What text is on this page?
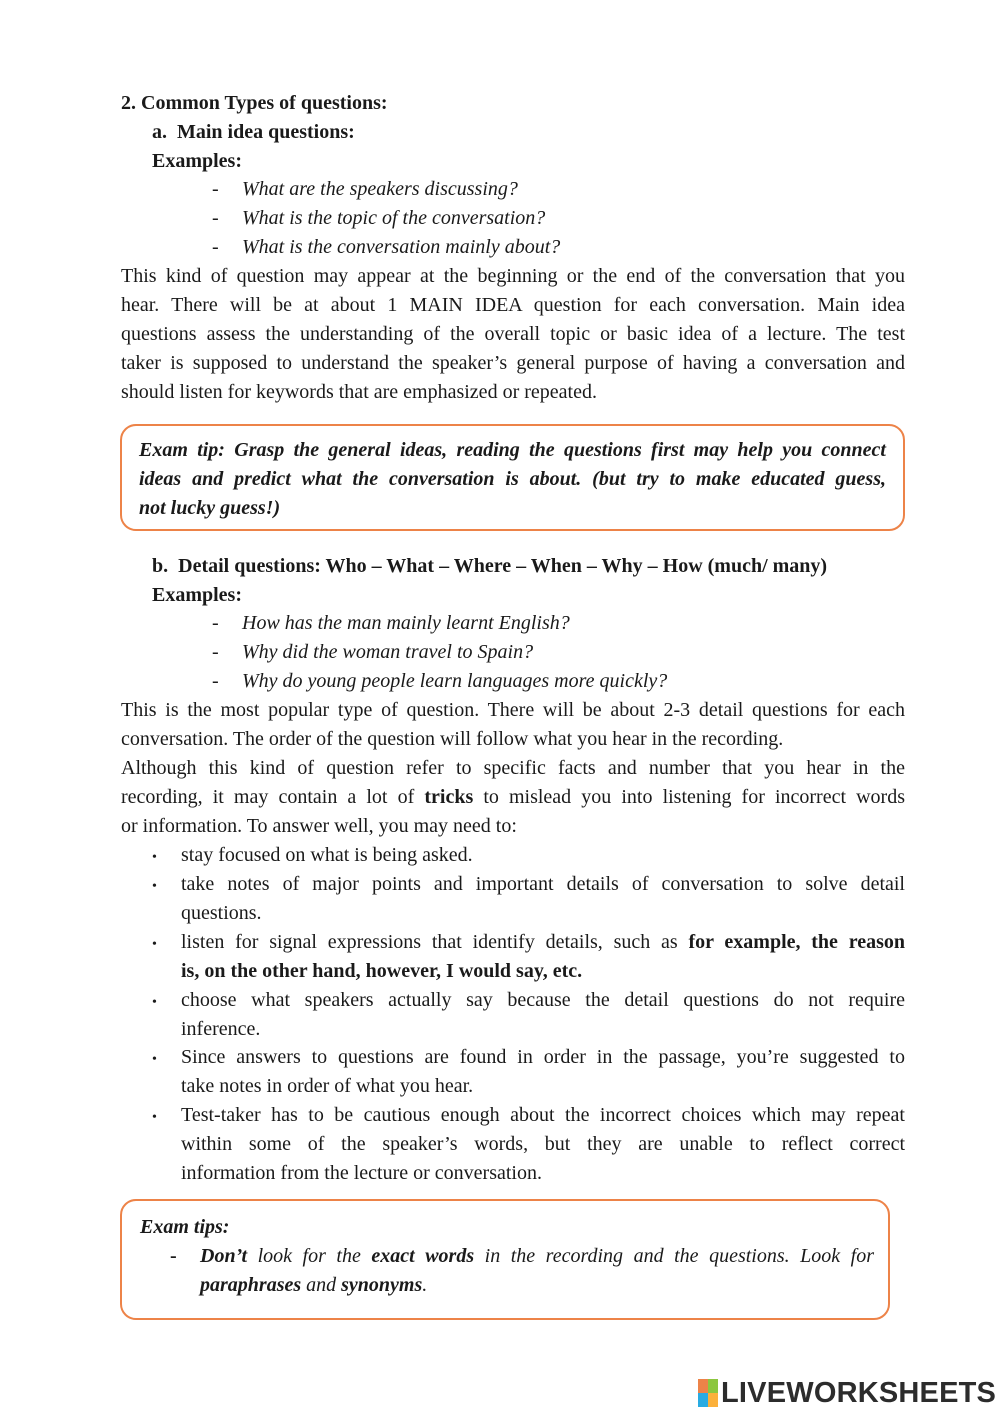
2. Common Types of questions:
a.  Main idea questions:
Examples:
- What are the speakers discussing?
- What is the topic of the conversation?
- What is the conversation mainly about?
This kind of question may appear at the beginning or the end of the conversation that you
hear. There will be at about 1 MAIN IDEA question for each conversation. Main idea
questions assess the understanding of the overall topic or basic idea of a lecture. The test
taker is supposed to understand the speaker’s general purpose of having a conversation and
should listen for keywords that are emphasized or repeated.
Exam tip: Grasp the general ideas, reading the questions first may help you connect
ideas and predict what the conversation is about. (but try to make educated guess,
not lucky guess!)
b.  Detail questions: Who – What – Where – When – Why – How (much/ many)
Examples:
- How has the man mainly learnt English?
- Why did the woman travel to Spain?
- Why do young people learn languages more quickly?
This is the most popular type of question. There will be about 2-3 detail questions for each
conversation. The order of the question will follow what you hear in the recording.
Although this kind of question refer to specific facts and number that you hear in the
recording, it may contain a lot of tricks to mislead you into listening for incorrect words
or information. To answer well, you may need to:
• stay focused on what is being asked.
• take notes of major points and important details of conversation to solve detail
questions.
• listen for signal expressions that identify details, such as for example, the reason
is, on the other hand, however, I would say, etc.
• choose what speakers actually say because the detail questions do not require
inference.
• Since answers to questions are found in order in the passage, you’re suggested to
take notes in order of what you hear.
• Test-taker has to be cautious enough about the incorrect choices which may repeat
within some of the speaker’s words, but they are unable to reflect correct
information from the lecture or conversation.
Exam tips:
- Don’t look for the exact words in the recording and the questions. Look for
paraphrases and synonyms.
LIVEWORKSHEETS
